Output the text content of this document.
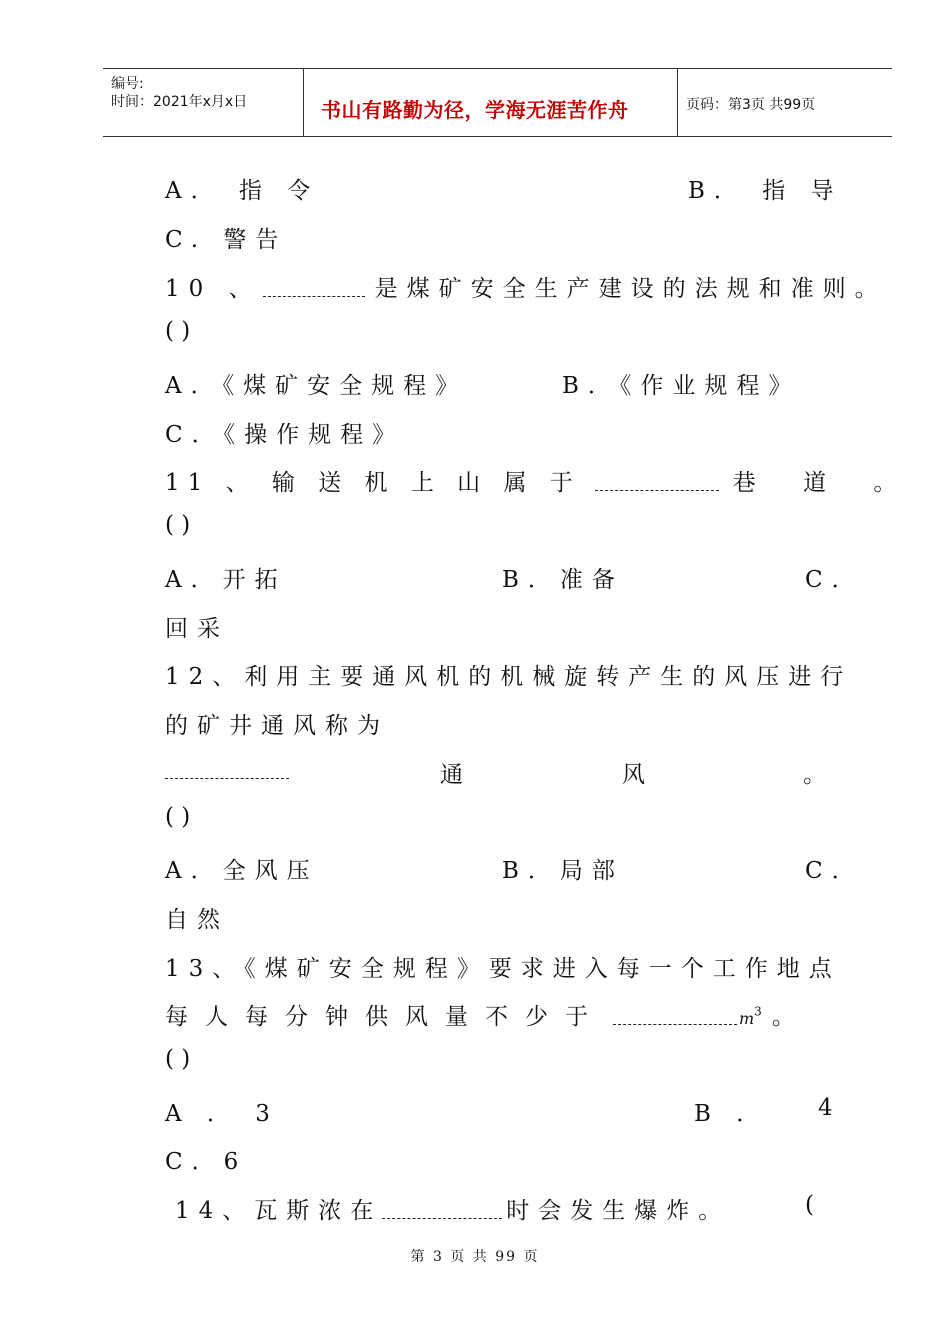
编号:
时间：2021年x月x日	书山有路勤为径，学海无涯苦作舟	页码：第3页 共99页
A． 指 令	B． 指 导
C. 警告
10 、	是煤矿安全生产建设的法规和准则。
( )
A．《煤矿安全规程》	B．《作业规程》
C．《操作规程》
11 、 输 送 机 上 山 属 于	巷 道 。
( )
A．开拓	B．准备	C．
回采
12、利用主要通风机的机械旋转产生的风压进行
的矿井通风称为
通	风	。
( )
A．全风压	B．局部	C．
自然
13、《煤矿安全规程》要求进入每一个工作地点
每人每分钟供风量不少于	$m^3$ 。
( )
A ． 3	B ． 4
C．6
14、瓦斯浓在	时会发生爆炸。	(
第 3 页 共 99 页
